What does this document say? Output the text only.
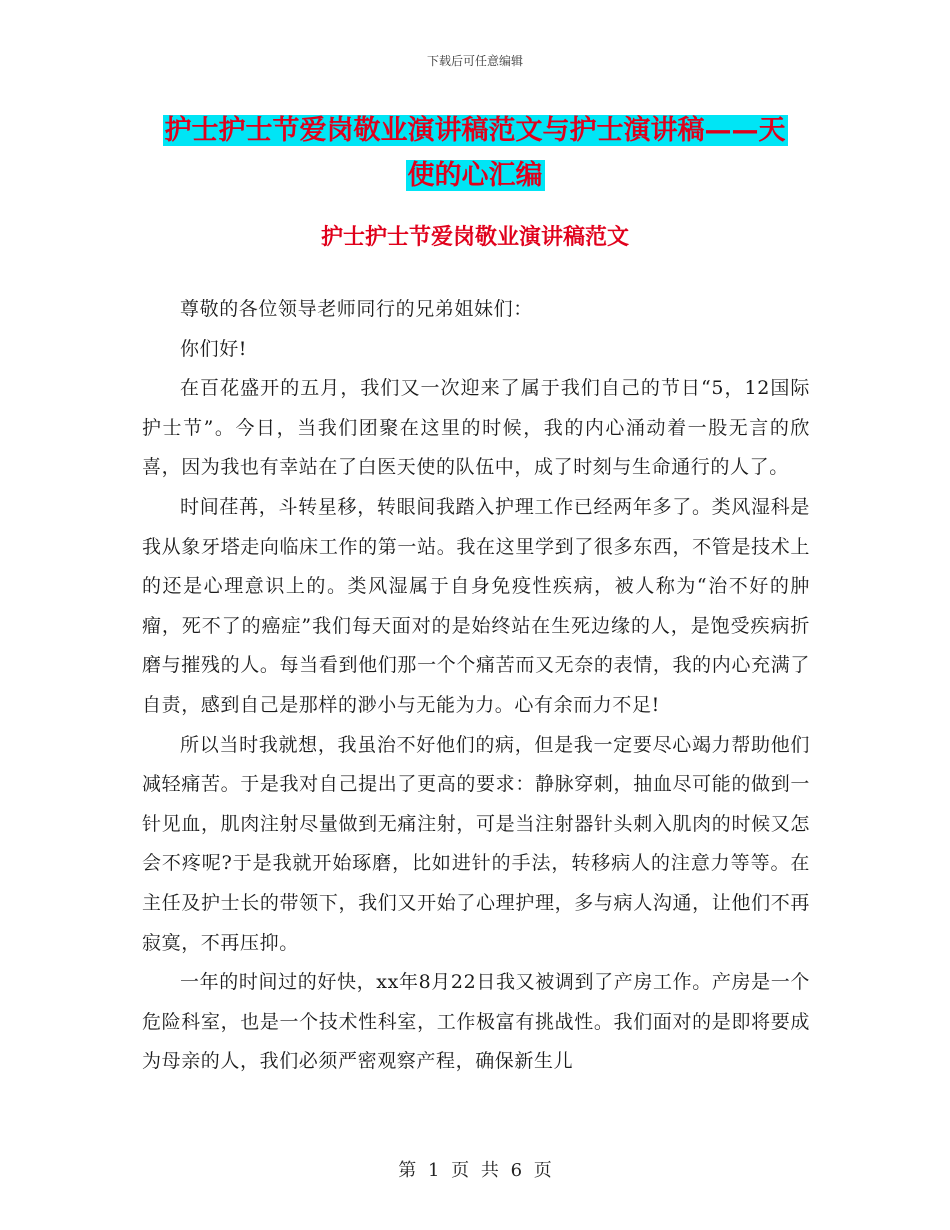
下载后可任意编辑
护士护士节爱岗敬业演讲稿范文与护士演讲稿——天
使的心汇编
护士护士节爱岗敬业演讲稿范文

尊敬的各位领导老师同行的兄弟姐妹们：

你们好!

在百花盛开的五月，我们又一次迎来了属于我们自己的节日“5，12国际护士节”。今日，当我们团聚在这里的时候，我的内心涌动着一股无言的欣喜，因为我也有幸站在了白医天使的队伍中，成了时刻与生命通行的人了。

时间荏苒，斗转星移，转眼间我踏入护理工作已经两年多了。类风湿科是我从象牙塔走向临床工作的第一站。我在这里学到了很多东西，不管是技术上的还是心理意识上的。类风湿属于自身免疫性疾病，被人称为“治不好的肿瘤，死不了的癌症”我们每天面对的是始终站在生死边缘的人，是饱受疾病折磨与摧残的人。每当看到他们那一个个痛苦而又无奈的表情，我的内心充满了自责，感到自己是那样的渺小与无能为力。心有余而力不足!

所以当时我就想，我虽治不好他们的病，但是我一定要尽心竭力帮助他们减轻痛苦。于是我对自己提出了更高的要求：静脉穿刺，抽血尽可能的做到一针见血，肌肉注射尽量做到无痛注射，可是当注射器针头刺入肌肉的时候又怎会不疼呢?于是我就开始琢磨，比如进针的手法，转移病人的注意力等等。在主任及护士长的带领下，我们又开始了心理护理，多与病人沟通，让他们不再寂寞，不再压抑。

一年的时间过的好快，xx年8月22日我又被调到了产房工作。产房是一个危险科室，也是一个技术性科室，工作极富有挑战性。我们面对的是即将要成为母亲的人，我们必须严密观察产程，确保新生儿

第 1 页 共 6 页
